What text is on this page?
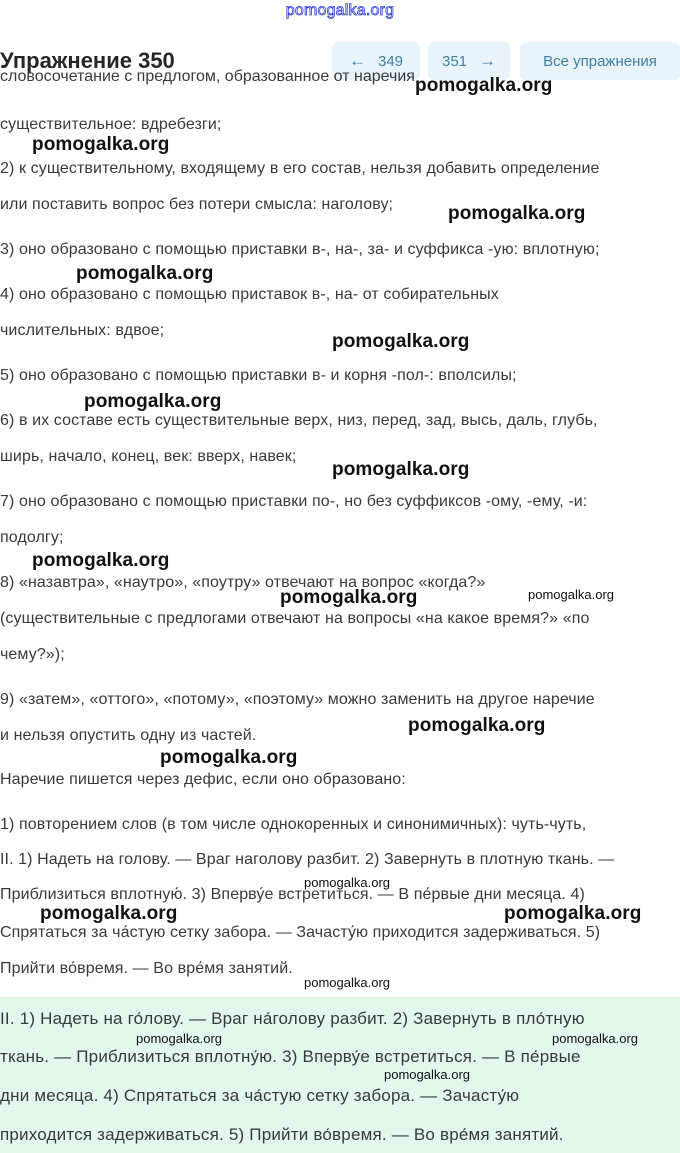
pomogalka.org
Упражнение 350	← 349	351 →	Все упражнения
словосочетание с предлогом, образованное от наречия
существительное: вдребезги;
2) к существительному, входящему в его состав, нельзя добавить определение
или поставить вопрос без потери смысла: наголову;
3) оно образовано с помощью приставки в-, на-, за- и суффикса -ую: вплотную;
4) оно образовано с помощью приставок в-, на- от собирательных
числительных: вдвое;
5) оно образовано с помощью приставки в- и корня -пол-: вполсилы;
6) в их составе есть существительные верх, низ, перед, зад, высь, даль, глубь,
ширь, начало, конец, век: вверх, навек;
7) оно образовано с помощью приставки по-, но без суффиксов -ому, -ему, -и:
подолгу;
8) «назавтра», «наутро», «поутру» отвечают на вопрос «когда?»
(существительные с предлогами отвечают на вопросы «на какое время?» «по
чему?»);
9) «затем», «оттого», «потому», «поэтому» можно заменить на другое наречие
и нельзя опустить одну из частей.
Наречие пишется через дефис, если оно образовано:
1) повторением слов (в том числе однокоренных и синонимичных): чуть-чуть,
II. 1) Надеть на голову. — Враг наголову разбит. 2) Завернуть в плотную ткань. —
Приблизиться вплотную́. 3) Вперву́е встретиться. — В пе́рвые дни месяца. 4)
Спрятаться за ча́стую сетку забора. — Зачасту́ю приходится задерживаться. 5)
Прийти во́время. — Во вре́мя занятий.
II. 1) Надеть на го́лову. — Враг на́голову разбит. 2) Завернуть в пло́тную
ткань. — Приблизиться вплотну́ю. 3) Вперву́е встретиться. — В пе́рвые
дни месяца. 4) Спрятаться за ча́стую сетку забора. — Зачасту́ю
приходится задерживаться. 5) Прийти во́время. — Во вре́мя занятий.
pomogalka.org
pomogalka.org
pomogalka.org
pomogalka.org
pomogalka.org
pomogalka.org
pomogalka.org
pomogalka.org
pomogalka.org
pomogalka.org
pomogalka.org
pomogalka.org	pomogalka.org
pomogalka.org
pomogalka.org
pomogalka.org
pomogalka.org	pomogalka.org
pomogalka.org
